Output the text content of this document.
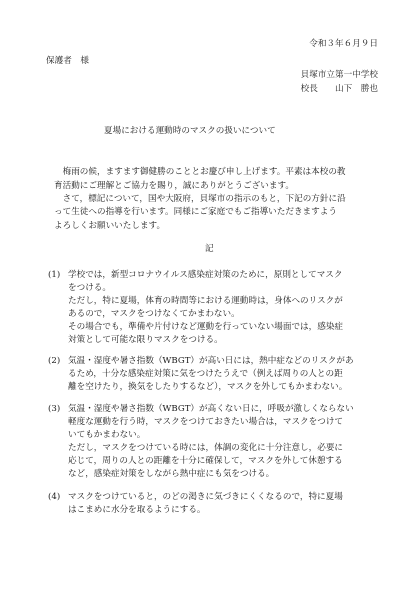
令和３年６月９日
保護者　様
貝塚市立第一中学校
校長　　山下　勝也
夏場における運動時のマスクの扱いについて
　梅雨の候，ますます御健勝のこととお慶び申し上げます。平素は本校の教
育活動にご理解とご協力を賜り，誠にありがとうございます。
　さて，標記について，国や大阪府，貝塚市の指示のもと，下記の方針に沿
って生徒への指導を行います。同様にご家庭でもご指導いただきますよう
よろしくお願いいたします。
記
(1) 学校では，新型コロナウイルス感染症対策のために，原則としてマスク
をつける。
ただし，特に夏場，体育の時間等における運動時は，身体へのリスクが
あるので，マスクをつけなくてかまわない。
その場合でも，準備や片付けなど運動を行っていない場面では，感染症
対策として可能な限りマスクをつける。
(2) 気温・湿度や暑さ指数（WBGT）が高い日には，熱中症などのリスクがあ
るため，十分な感染症対策に気をつけたうえで（例えば周りの人との距
離を空けたり，換気をしたりするなど），マスクを外してもかまわない。
(3) 気温・湿度や暑さ指数（WBGT）が高くない日に，呼吸が激しくならない
軽度な運動を行う時，マスクをつけておきたい場合は，マスクをつけて
いてもかまわない。
ただし，マスクをつけている時には，体調の変化に十分注意し，必要に
応じて，周りの人との距離を十分に確保して，マスクを外して休憩する
など，感染症対策をしながら熱中症にも気をつける。
(4) マスクをつけていると，のどの渇きに気づきにくくなるので，特に夏場
はこまめに水分を取るようにする。
